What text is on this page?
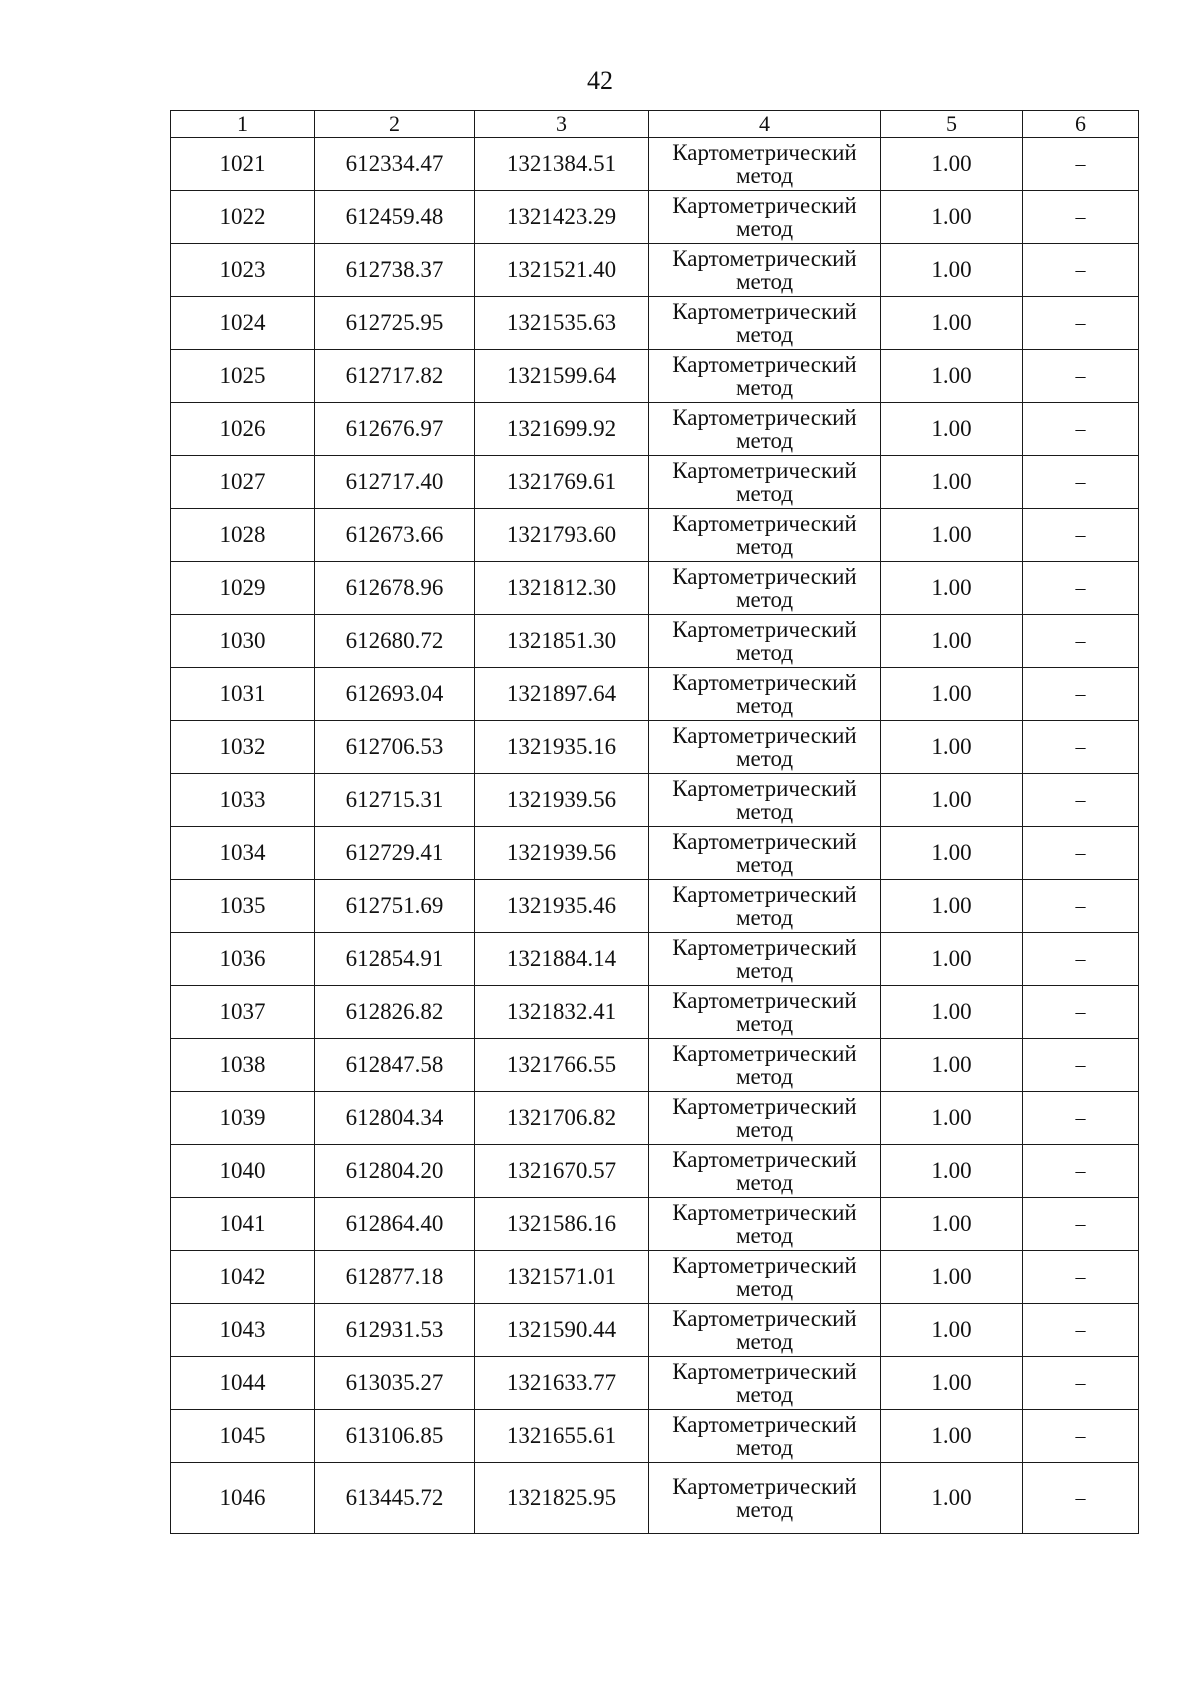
42
1	2	3	4	5	6
1021	612334.47	1321384.51	Картометрический метод	1.00	–
1022	612459.48	1321423.29	Картометрический метод	1.00	–
1023	612738.37	1321521.40	Картометрический метод	1.00	–
1024	612725.95	1321535.63	Картометрический метод	1.00	–
1025	612717.82	1321599.64	Картометрический метод	1.00	–
1026	612676.97	1321699.92	Картометрический метод	1.00	–
1027	612717.40	1321769.61	Картометрический метод	1.00	–
1028	612673.66	1321793.60	Картометрический метод	1.00	–
1029	612678.96	1321812.30	Картометрический метод	1.00	–
1030	612680.72	1321851.30	Картометрический метод	1.00	–
1031	612693.04	1321897.64	Картометрический метод	1.00	–
1032	612706.53	1321935.16	Картометрический метод	1.00	–
1033	612715.31	1321939.56	Картометрический метод	1.00	–
1034	612729.41	1321939.56	Картометрический метод	1.00	–
1035	612751.69	1321935.46	Картометрический метод	1.00	–
1036	612854.91	1321884.14	Картометрический метод	1.00	–
1037	612826.82	1321832.41	Картометрический метод	1.00	–
1038	612847.58	1321766.55	Картометрический метод	1.00	–
1039	612804.34	1321706.82	Картометрический метод	1.00	–
1040	612804.20	1321670.57	Картометрический метод	1.00	–
1041	612864.40	1321586.16	Картометрический метод	1.00	–
1042	612877.18	1321571.01	Картометрический метод	1.00	–
1043	612931.53	1321590.44	Картометрический метод	1.00	–
1044	613035.27	1321633.77	Картометрический метод	1.00	–
1045	613106.85	1321655.61	Картометрический метод	1.00	–
1046	613445.72	1321825.95	Картометрический метод	1.00	–
